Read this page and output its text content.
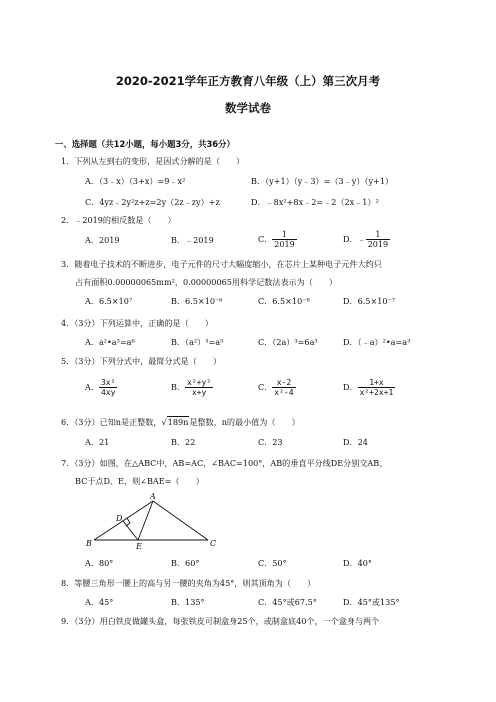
2020-2021学年正方教育八年级（上）第三次月考
数学试卷
一、选择题（共12小题，每小题3分，共36分）
1．下列从左到右的变形，是因式分解的是（　　）
A．（3﹣x）（3+x）=9﹣x²	B．（y+1）（y﹣3）=（3﹣y）（y+1）
C．4yz﹣2y²z+z=2y（2z﹣zy）+z	D．﹣8x²+8x﹣2=﹣2（2x﹣1）²
2．﹣2019的相反数是（　　）
A．2019	B．﹣2019	C． $\frac{1}{2019}$	D．﹣ $\frac{1}{2019}$
3．随着电子技术的不断进步，电子元件的尺寸大幅度缩小，在芯片上某种电子元件大约只
占有面积0.00000065mm²，0.00000065用科学记数法表示为（　　）
A．6.5×10⁷	B．6.5×10⁻⁶	C．6.5×10⁻⁸	D．6.5×10⁻⁷
4．（3分）下列运算中，正确的是（　　）
A．a²•a³=a⁶	B．（a²）³=a⁵	C．（2a）³=6a³	D．（﹣a）²•a=a³
5．（3分）下列分式中，最简分式是（　　）
A． $\frac{\text{3x²}}{4xy}$	B． $\frac{\text{x²+y²}}{x+y}$	C． $\frac{x-2}{\text{x²-4}}$	D． $\frac{1+x}{\text{x²+2x+1}}$
6．（3分）已知n是正整数，√189n是整数，n的最小值为（　　）
A．21	B．22	C．23	D．24
7．（3分）如图，在△ABC中，AB=AC，∠BAC=100°，AB的垂直平分线DE分别交AB、
BC于点D、E，则∠BAE=（　　）
A
B	C
D
E
A．80°	B．60°	C．50°	D．40°
8．等腰三角形一腰上的高与另一腰的夹角为45°，则其顶角为（　　）
A．45°	B．135°	C．45°或67.5°	D．45°或135°
9．（3分）用白铁皮做罐头盒，每张铁皮可制盒身25个，或制盒底40个，一个盒身与两个
